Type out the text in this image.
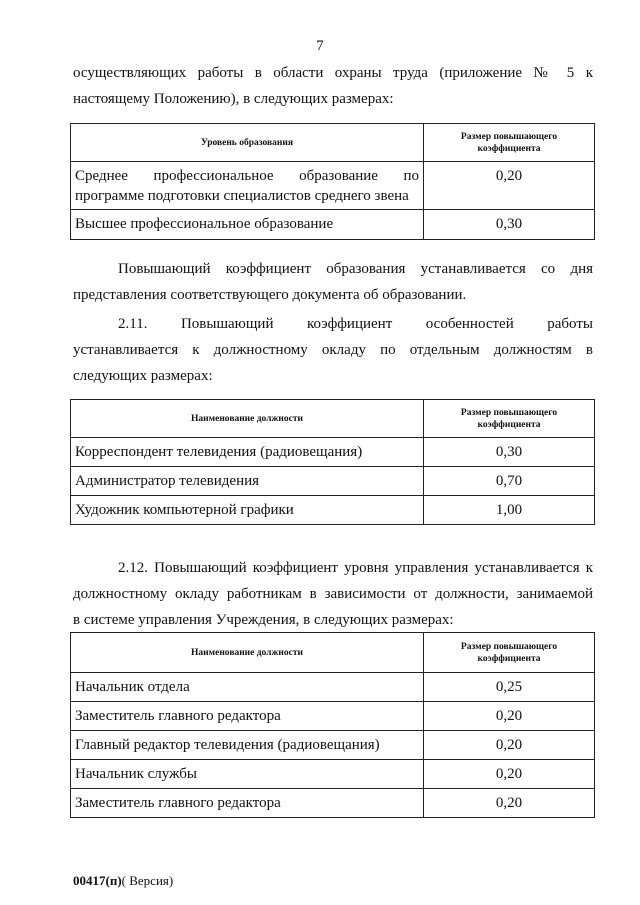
7

осуществляющих работы в области охраны труда (приложение № 5 к
настоящему Положению), в следующих размерах:

Уровень образования	Размер повышающего
коэффициента

Среднее профессиональное образование по
программе подготовки специалистов среднего звена	0,20
Высшее профессиональное образование	0,30

Повышающий коэффициент образования устанавливается со дня
представления соответствующего документа об образовании.

2.11. Повышающий коэффициент особенностей работы
устанавливается к должностному окладу по отдельным должностям в
следующих размерах:

Наименование должности	Размер повышающего
коэффициента
Корреспондент телевидения (радиовещания)	0,30
Администратор телевидения	0,70
Художник компьютерной графики	1,00

2.12. Повышающий коэффициент уровня управления устанавливается к
должностному окладу работникам в зависимости от должности, занимаемой
в системе управления Учреждения, в следующих размерах:

Наименование должности	Размер повышающего
коэффициента
Начальник отдела	0,25
Заместитель главного редактора	0,20
Главный редактор телевидения (радиовещания)	0,20
Начальник службы	0,20
Заместитель главного редактора	0,20
00417(п)( Версия)
